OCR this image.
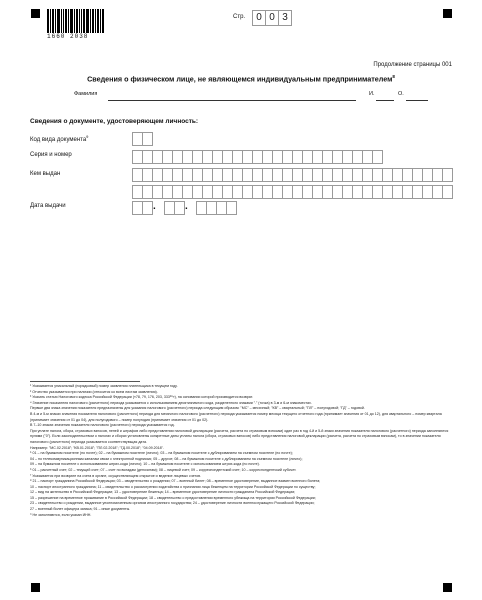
1660 2038
Стр.	0 0 3
Продолжение страницы 001
Сведения о физическом лице, не являющемся индивидуальным предпринимателем$^8$
Фамилия	И.	О.
Сведения о документе, удостоверяющем личность:
Код вида документа$^9$
Серия и номер
Кем выдан
Дата выдачи	.	.

¹ Указывается уникальный (порядковый) номер заявления плательщика в текущем году.

² Отчество указывается при наличии (относится ко всем листам заявления).

³ Указать статью Налогового кодекса Российской Федерации («78, 79, 176, 203, 333²⁸»), на основании которой производится возврат.

⁴ Значение показателя налогового (расчетного) периода указывается с использованием десятизначного кода, разделенного знаками "." (точка) в 3-м и 6-м знакоместах.

Первые два знака значения показателя предназначены для указания налогового (расчетного) периода следующим образом: "МС" – месячный; "КВ" – квартальный; "ПЛ" – полугодовой; "ГД" – годовой.

В 4-м и 5-м знаках значения показателя налогового (расчетного) периода для месячного налогового (расчетного) периода указывается номер месяца текущего отчетного года (принимает значения от 01 до 12), для квартального – номер квартала (принимает значения от 01 до 04), для полугодового – номер полугодия (принимает значения от 01 до 02).

В 7–10 знаках значения показателя налогового (расчетного) периода указывается год.

При уплате налога, сбора, страховых взносов, пеней и штрафов либо представлении налоговой декларации (расчета, расчета по страховым взносам) один раз в год 4-й и 5-й знаки значения показателя налогового (расчетного) периода заполняются нулями ("0"). Если законодательством о налогах и сборах установлены конкретные даты уплаты налога (сбора, страховых взносов) либо представления налоговой декларации (расчета, расчета по страховым взносам), то в значении показателя налогового (расчетного) периода указывается соответствующая дата.

Например: "МС.02.2018"; "КВ.01.2018"; "ПЛ.02.2018"; "ГД.00.2018"; "04.09.2018".

⁵ 01 – на бумажном носителе (по почте); 02 – на бумажном носителе (лично); 03 – на бумажном носителе с дублированием на съемном носителе (по почте);

04 – по телекоммуникационным каналам связи с электронной подписью; 05 – другое; 08 – на бумажном носителе с дублированием на съемном носителе (лично);

09 – на бумажном носителе с использованием штрих-кода (лично); 10 – на бумажном носителе с использованием штрих-кода (по почте).

⁶ 01 – расчетный счет; 02 – текущий счет; 07 – счет по вкладам (депозитам); 08 – лицевой счет; 09 – корреспондентский счет; 10 – корреспондентский субсчет.

⁷ Указывается при возврате на счета в органе, осуществляющем открытие и ведение лицевых счетов.

⁸ 21 – паспорт гражданина Российской Федерации; 03 – свидетельство о рождении; 07 – военный билет; 08 – временное удостоверение, выданное взамен военного билета;

10 – паспорт иностранного гражданина; 11 – свидетельство о рассмотрении ходатайства о признании лица беженцем на территории Российской Федерации по существу;

12 – вид на жительство в Российской Федерации; 13 – удостоверение беженца; 14 – временное удостоверение личности гражданина Российской Федерации;

15 – разрешение на временное проживание в Российской Федерации; 18 – свидетельство о предоставлении временного убежища на территории Российской Федерации;

23 – свидетельство о рождении, выданное уполномоченным органом иностранного государства; 24 – удостоверение личности военнослужащего Российской Федерации;

27 – военный билет офицера запаса; 91 – иные документы.

⁹ Не заполняются, если указан ИНН.
